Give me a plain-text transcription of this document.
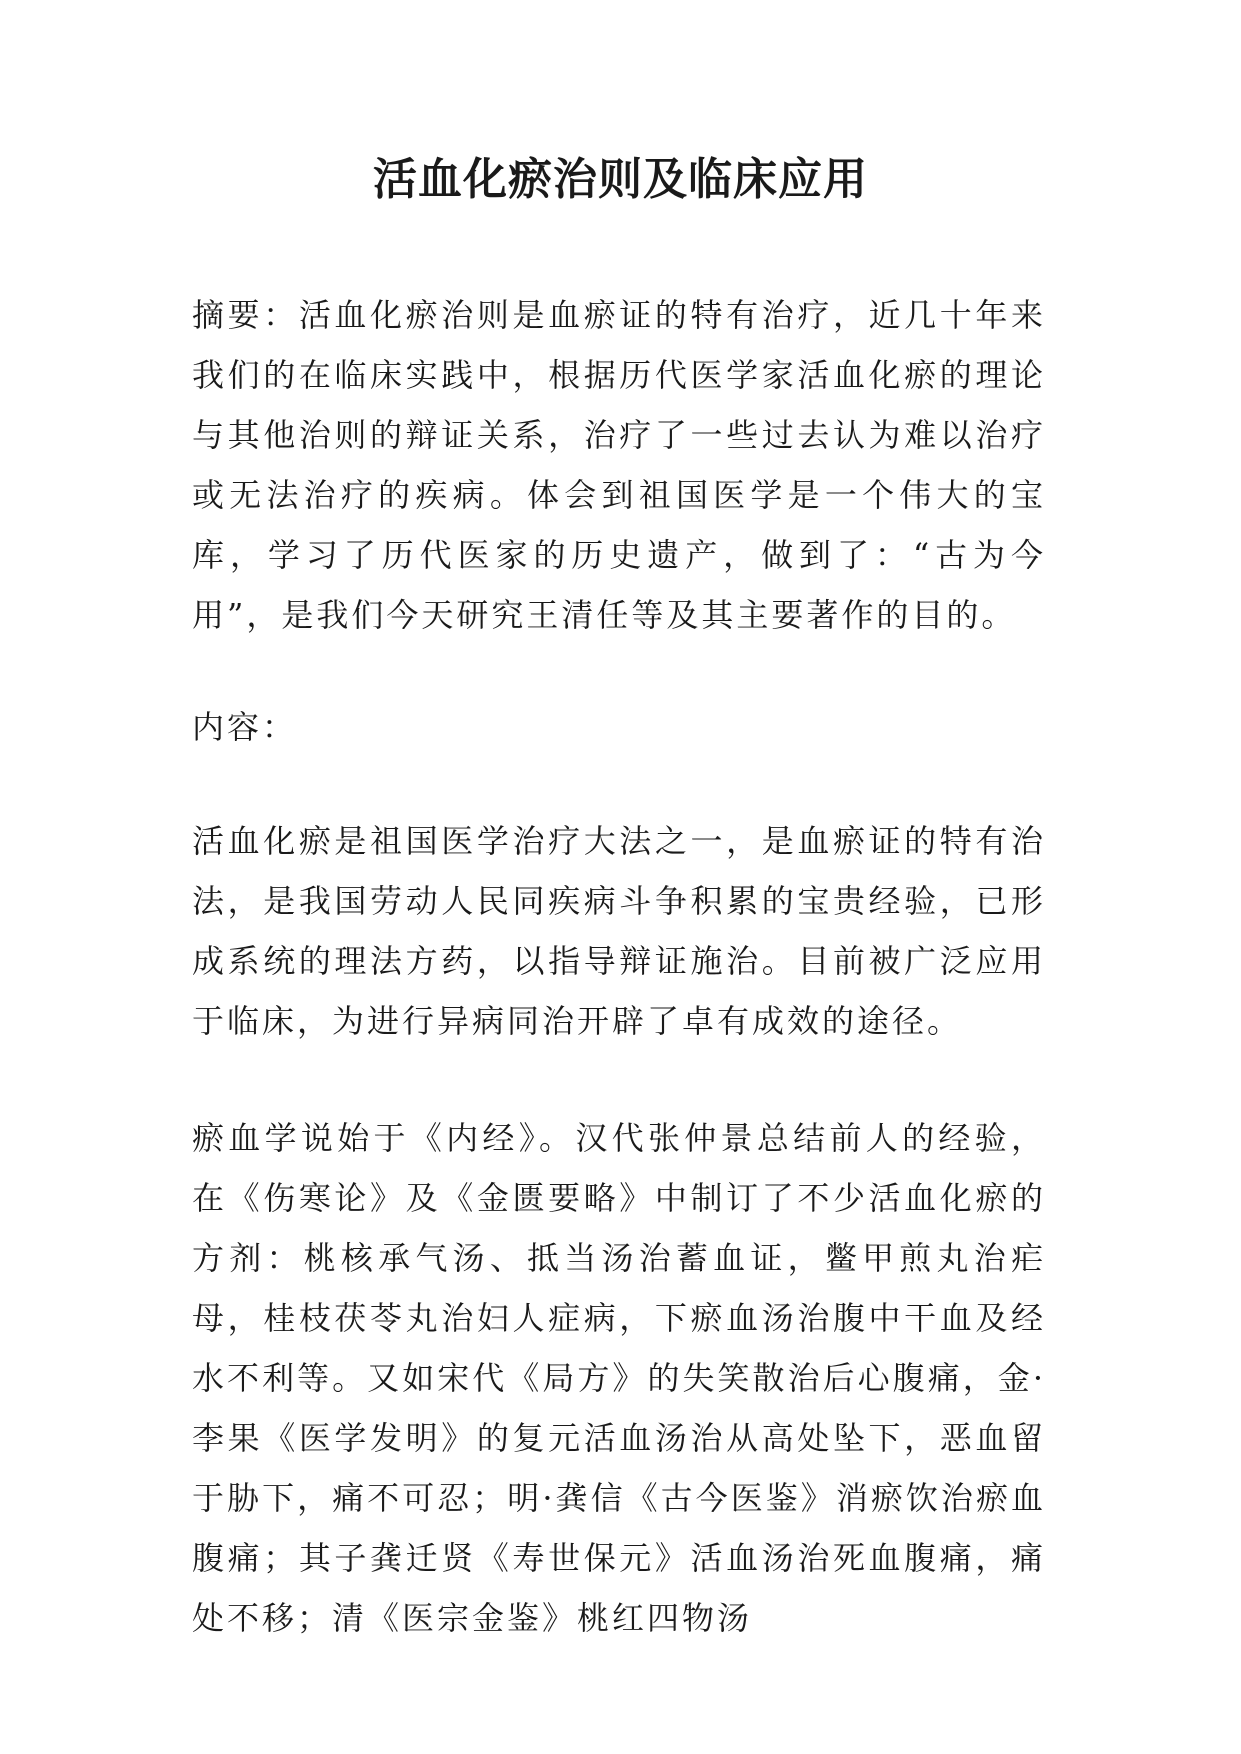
活血化瘀治则及临床应用

摘要：活血化瘀治则是血瘀证的特有治疗，近几十年来我们的在临床实践中，根据历代医学家活血化瘀的理论与其他治则的辩证关系，治疗了一些过去认为难以治疗或无法治疗的疾病。体会到祖国医学是一个伟大的宝库，学习了历代医家的历史遗产，做到了：“古为今用”，是我们今天研究王清任等及其主要著作的目的。

内容：

活血化瘀是祖国医学治疗大法之一，是血瘀证的特有治法，是我国劳动人民同疾病斗争积累的宝贵经验，已形成系统的理法方药，以指导辩证施治。目前被广泛应用于临床，为进行异病同治开辟了卓有成效的途径。

瘀血学说始于《内经》。汉代张仲景总结前人的经验，在《伤寒论》及《金匮要略》中制订了不少活血化瘀的方剂：桃核承气汤、抵当汤治蓄血证，鳖甲煎丸治疟母，桂枝茯苓丸治妇人症病，下瘀血汤治腹中干血及经水不利等。又如宋代《局方》的失笑散治后心腹痛，金·李果《医学发明》的复元活血汤治从高处坠下，恶血留于胁下，痛不可忍；明·龚信《古今医鉴》消瘀饮治瘀血腹痛；其子龚迁贤《寿世保元》活血汤治死血腹痛，痛处不移；清《医宗金鉴》桃红四物汤
